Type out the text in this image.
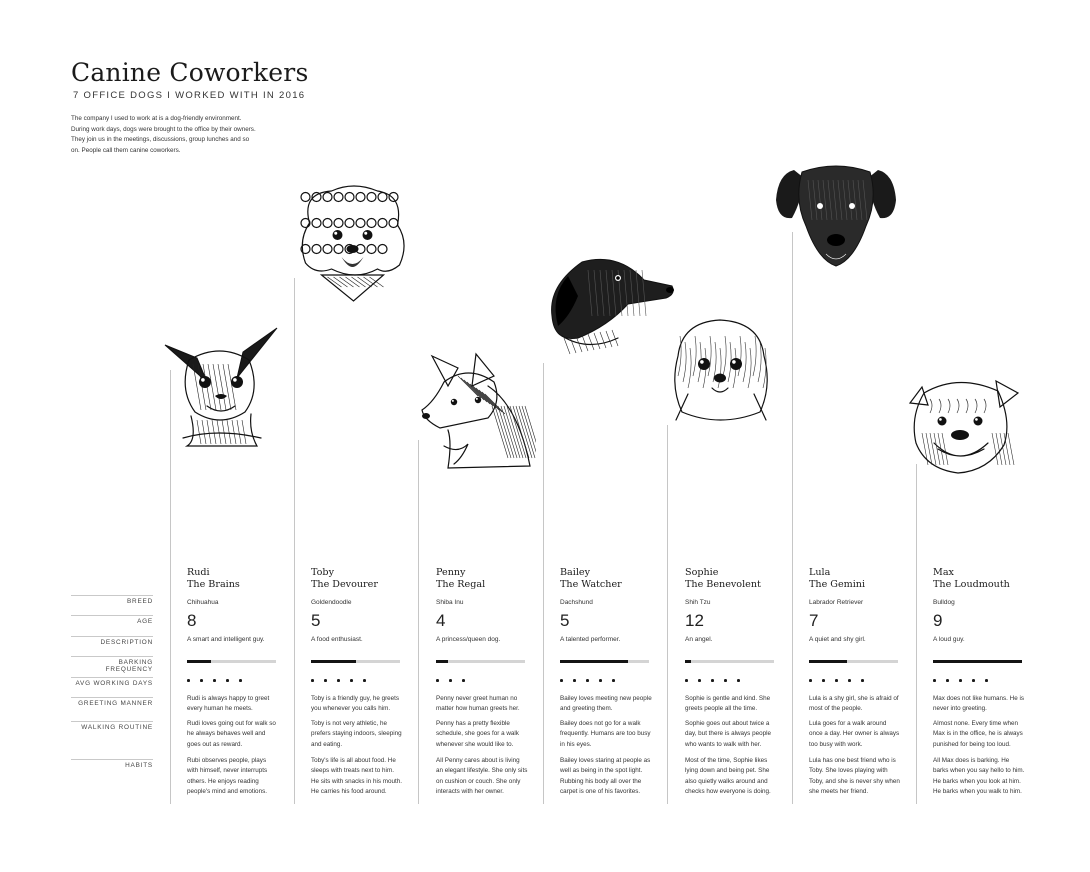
Canine Coworkers
7 OFFICE DOGS I WORKED WITH IN 2016
The company I used to work at is a dog-friendly environment. During work days, dogs were brought to the office by their owners. They join us in the meetings, discussions, group lunches and so on. People call them canine coworkers.
BREED
AGE
DESCRIPTION
BARKING FREQUENCY
AVG WORKING DAYS
GREETING MANNER
WALKING ROUTINE
HABITS
Rudi
The Brains
Chihuahua
8
A smart and intelligent guy.
Rudi is always happy to greet every human he meets.
Rudi loves going out for walk so he always behaves well and goes out as reward.
Rubi observes people, plays with himself, never interrupts others. He enjoys reading people's mind and emotions.
Toby
The Devourer
Goldendoodle
5
A food enthusiast.
Toby is a friendly guy, he greets you whenever you calls him.
Toby is not very athletic, he prefers staying indoors, sleeping and eating.
Toby's life is all about food. He sleeps with treats next to him. He sits with snacks in his mouth. He carries his food around.
Penny
The Regal
Shiba Inu
4
A princess/queen dog.
Penny never greet human no matter how human greets her.
Penny has a pretty flexible schedule, she goes for a walk whenever she would like to.
All Penny cares about is living an elegant lifestyle. She only sits on cushion or couch. She only interacts with her owner.
Bailey
The Watcher
Dachshund
5
A talented performer.
Bailey loves meeting new people and greeting them.
Bailey does not go for a walk frequently. Humans are too busy in his eyes.
Bailey loves staring at people as well as being in the spot light. Rubbing his body all over the carpet is one of his favorites.
Sophie
The Benevolent
Shih Tzu
12
An angel.
Sophie is gentle and kind. She greets people all the time.
Sophie goes out about twice a day, but there is always people who wants to walk with her.
Most of the time, Sophie likes lying down and being pet. She also quietly walks around and checks how everyone is doing.
Lula
The Gemini
Labrador Retriever
7
A quiet and shy girl.
Lula is a shy girl, she is afraid of most of the people.
Lula goes for a walk around once a day. Her owner is always too busy with work.
Lula has one best friend who is Toby. She loves playing with Toby, and she is never shy when she meets her friend.
Max
The Loudmouth
Bulldog
9
A loud guy.
Max does not like humans. He is never into greeting.
Almost none. Every time when Max is in the office, he is always punished for being too loud.
All Max does is barking. He barks when you say hello to him. He barks when you look at him. He barks when you walk to him.
